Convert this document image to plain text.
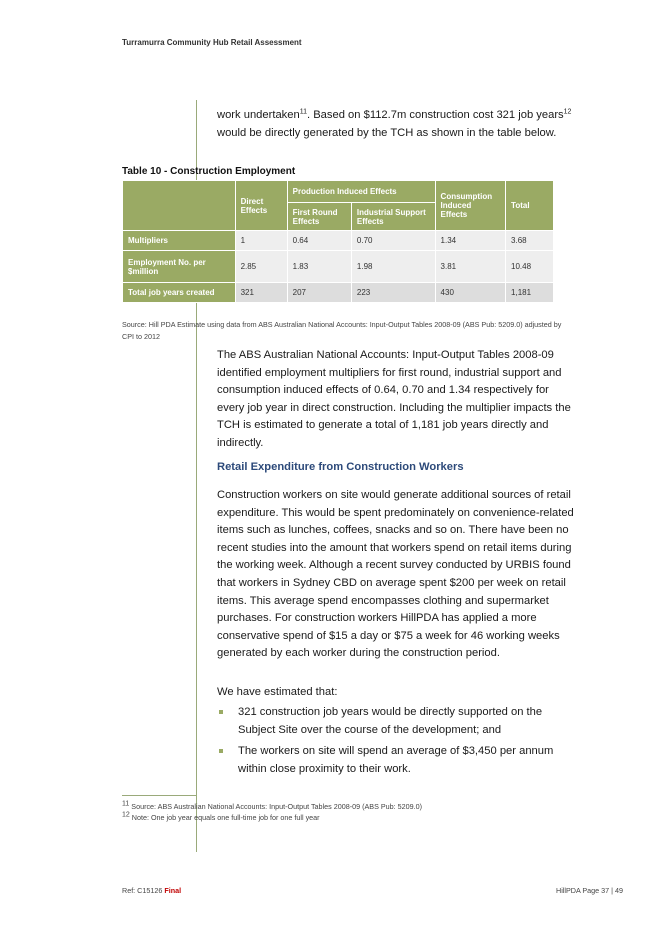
Turramurra Community Hub Retail Assessment
work undertaken$^{11}$. Based on $112.7m construction cost 321 job years$^{12}$ would be directly generated by the TCH as shown in the table below.
Table 10 - Construction Employment
	Direct Effects	Production Induced Effects		Consumption Induced Effects	Total
		First Round Effects	Industrial Support Effects		
Multipliers	1	0.64	0.70	1.34	3.68
Employment No. per $million	2.85	1.83	1.98	3.81	10.48
Total job years created	321	207	223	430	1,181
Source: Hill PDA Estimate using data from ABS Australian National Accounts: Input-Output Tables 2008-09 (ABS Pub: 5209.0) adjusted by CPI to 2012
The ABS Australian National Accounts: Input-Output Tables 2008-09 identified employment multipliers for first round, industrial support and consumption induced effects of 0.64, 0.70 and 1.34 respectively for every job year in direct construction. Including the multiplier impacts the TCH is estimated to generate a total of 1,181 job years directly and indirectly.
Retail Expenditure from Construction Workers
Construction workers on site would generate additional sources of retail expenditure. This would be spent predominately on convenience-related items such as lunches, coffees, snacks and so on. There have been no recent studies into the amount that workers spend on retail items during the working week. Although a recent survey conducted by URBIS found that workers in Sydney CBD on average spent $200 per week on retail items. This average spend encompasses clothing and supermarket purchases. For construction workers HillPDA has applied a more conservative spend of $15 a day or $75 a week for 46 working weeks generated by each worker during the construction period.
We have estimated that:
321 construction job years would be directly supported on the Subject Site over the course of the development; and
The workers on site will spend an average of $3,450 per annum within close proximity to their work.
$^{11}$ Source: ABS Australian National Accounts: Input-Output Tables 2008-09 (ABS Pub: 5209.0)
$^{12}$ Note: One job year equals one full-time job for one full year
Ref: C15126 Final	HillPDA Page 37 | 49
